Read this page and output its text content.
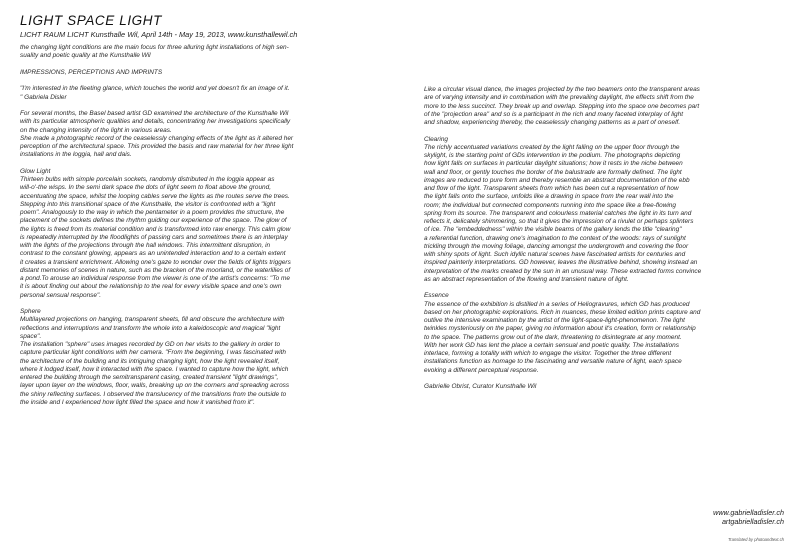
LIGHT SPACE LIGHT
LICHT RAUM LICHT Kunsthalle Wil, April 14th - May 19, 2013, www.kunsthallewil.ch

the changing light conditions are the main focus for three alluring light installations of high sen-

suality and poetic quality at the Kunsthalle Wil

IMPRESSIONS, PERCEPTIONS AND IMPRINTS

"I'm interested in the fleeting glance, which touches the world and yet doesn't fix an image of it.

" Gabriela Disler

For several months, the Basel based artist GD examined the architecture of the Kunsthalle Wil

with its particular atmospheric qualities and details, concentrating her investigations specifically

on the changing intensity of the light in various areas.

She made a photographic record of the ceaselessly changing effects of the light as it altered her

perception of the architectural space. This provided the basis and raw material for her three light

installations in the loggia, hall and dais.

Glow Light

Thirteen bulbs with simple porcelain sockets, randomly distributed in the loggia appear as

will-o'-the wisps. In the semi dark space the dots of light seem to float above the ground,

accentuating the space, whilst the looping cables serve the lights as the routes serve the trees.

Stepping into this transitional space of the Kunsthalle, the visitor is confronted with a "light

poem". Analogously to the way in which the pentameter in a poem provides the structure, the

placement of the sockets defines the rhythm guiding our experience of the space. The glow of

the lights is freed from its material condition and is transformed into raw energy. This calm glow

is repeatedly interrupted by the floodlights of passing cars and sometimes there is an interplay

with the lights of the projections through the hall windows. This intermittent disruption, in

contrast to the constant glowing, appears as an unintended interaction and to a certain extent

it creates a transient enrichment. Allowing one's gaze to wonder over the fields of lights triggers

distant memories of scenes in nature, such as the bracken of the moorland, or the waterlilies of

a pond.To arouse an individual response from the viewer is one of the artist's concerns: "To me

it is about finding out about the relationship to the real for every visible space and one's own

personal sensual response".

Sphere

Multilayered projections on hanging, transparent sheets, fill and obscure the architecture with

reflections and interruptions and transform the whole into a kaleidoscopic and magical "light

space".

The installation "sphere" uses images recorded by GD on her visits to the gallery in order to

capture particular light conditions with her camera. "From the beginning, I was fascinated with

the architecture of the building and its intriguing changing light, how the light revealed itself,

where it lodged itself, how it interacted with the space. I wanted to capture how the light, which

entered the building through the semitransparent casing, created transient "light drawings",

layer upon layer on the windows, floor, walls, breaking up on the corners and spreading across

the shiny reflecting surfaces. I observed the translucency of the transitions from the outside to

the inside and I experienced how light filled the space and how it vanished from it".

Like a circular visual dance, the images projected by the two beamers onto the transparent areas

are of varying intensity and in combination with the prevailing daylight, the effects shift from the

more to the less succinct. They break up and overlap. Stepping into the space one becomes part

of the "projection area" and so is a participant in the rich and many faceted interplay of light

and shadow, experiencing thereby, the ceaselessly changing patterns as a part of oneself.

Clearing

The richly accentuated variations created by the light falling on the upper floor through the

skylight, is the starting point of GDs intervention in the podium. The photographs depicting

how light falls on surfaces in particular daylight situations; how it rests in the niche between

wall and floor, or gently touches the border of the balustrade are formally defined. The light

images are reduced to pure form and thereby resemble an abstract documentation of the ebb

and flow of the light. Transparent sheets from which has been cut a representation of how

the light falls onto the surface, unfolds like a drawing in space from the rear wall into the

room; the individual but connected components running into the space like a free-flowing

spring from its source. The transparent and colourless material catches the light in its turn and

reflects it, delicately shimmering, so that it gives the impression of a rivulet or perhaps splinters

of ice. The "embeddedness" within the visible beams of the gallery lends the title "clearing"

a referential function, drawing one's imagination to the context of the woods: rays of sunlight

trickling through the moving foliage, dancing amongst the undergrowth and covering the floor

with shiny spots of light. Such idyllic natural scenes have fascinated artists for centuries and

inspired painterly interpretations. GD however, leaves the illustrative behind, showing instead an

interpretation of the marks created by the sun in an unusual way. These extracted forms convince

as an abstract representation of the flowing and transient nature of light.

Essence

The essence of the exhibition is distilled in a series of Heliogravures, which GD has produced

based on her photographic explorations. Rich in nuances, these limited edition prints capture and

outlive the intensive examination by the artist of the light-space-light-phenomenon. The light

twinkles mysteriously on the paper, giving no information about it's creation, form or relationship

to the space. The patterns grow out of the dark, threatening to disintegrate at any moment.

With her work GD has lent the place a certain sensual and poetic quality. The installations

interlace, forming a totality with which to engage the visitor. Together the three different

installations function as homage to the fascinating and versatile nature of light, each space

evoking a different perceptual response.

Gabrielle Obrist, Curator Kunsthalle Wil

www.gabrielladisler.ch
artgabrielladisler.ch
Translated by photoandtext.ch
